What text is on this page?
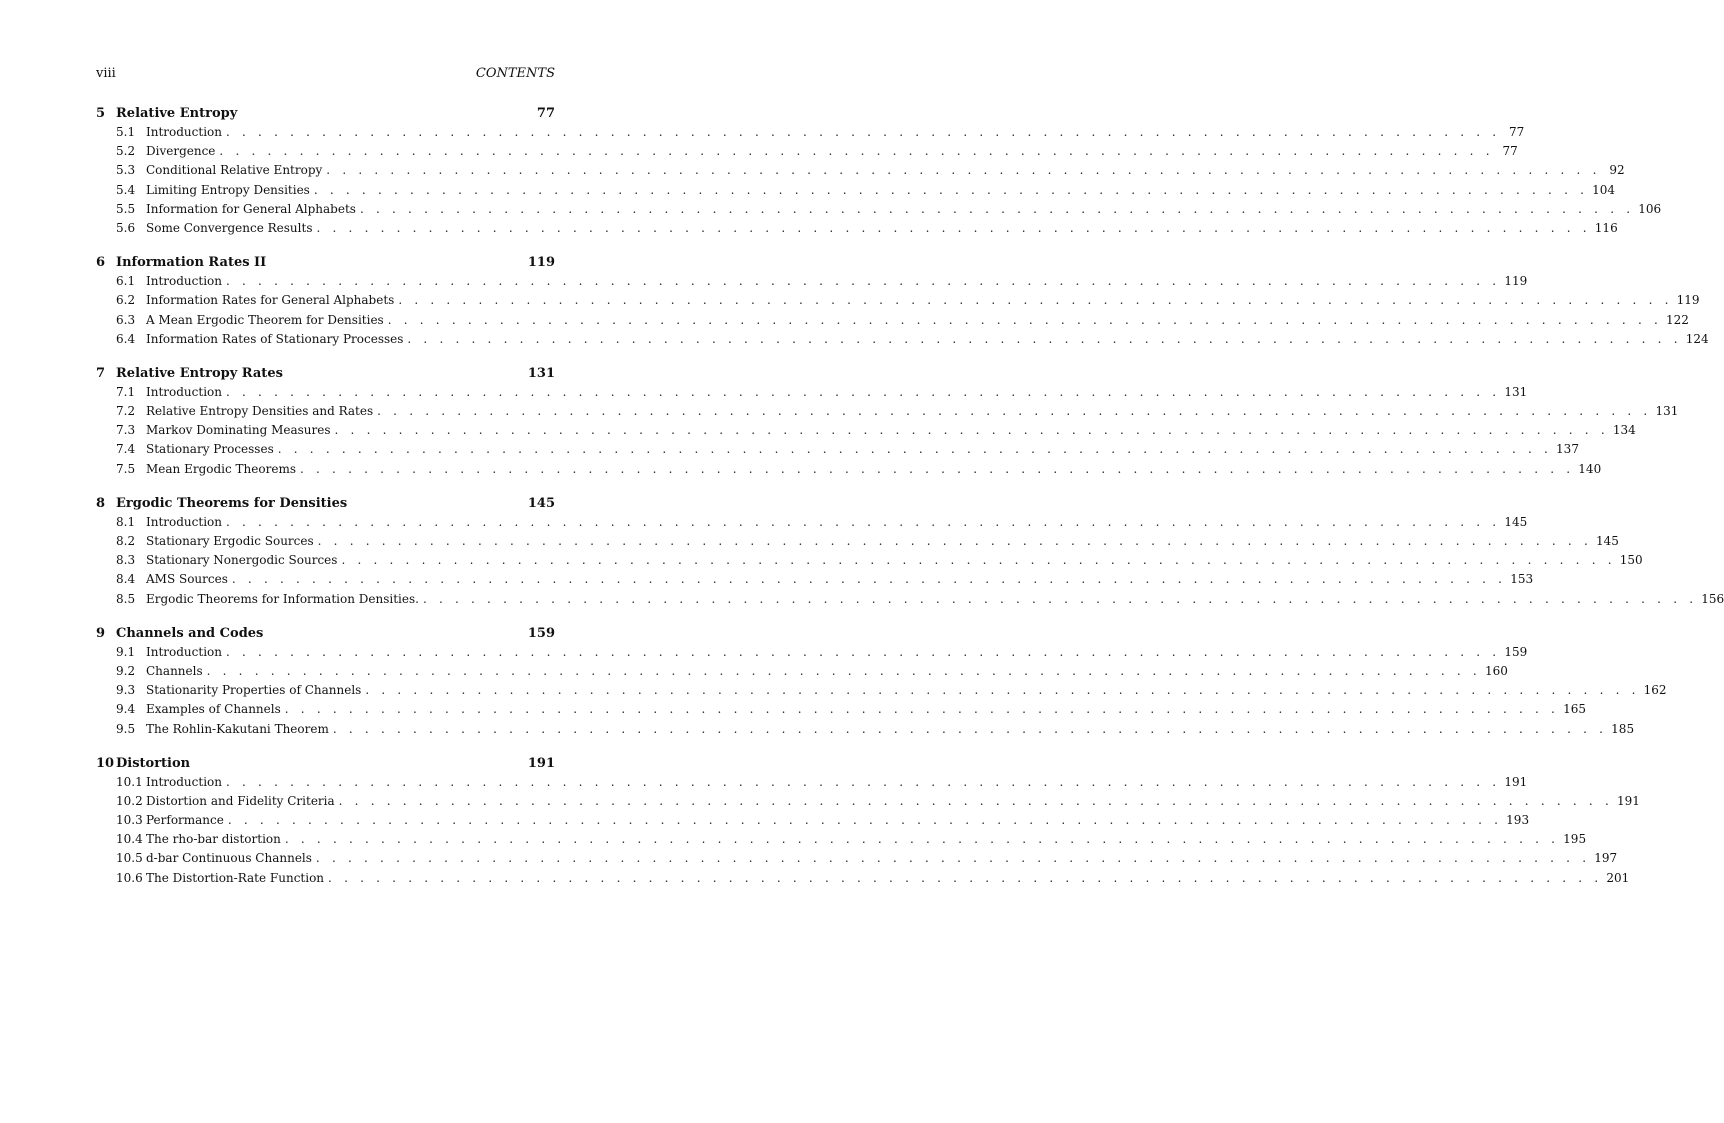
viii	CONTENTS
5 Relative Entropy	77
5.1 Introduction . . . . . . . . . . . . . . . . . . . . . . . . . . . . . . . . . . . . . . . . . . . . . . . . . . . . . . . . . . . . . . . . . . . . . . . . . . . . . . . . 77
5.2 Divergence . . . . . . . . . . . . . . . . . . . . . . . . . . . . . . . . . . . . . . . . . . . . . . . . . . . . . . . . . . . . . . . . . . . . . . . . . . . . . . . . 77
5.3 Conditional Relative Entropy . . . . . . . . . . . . . . . . . . . . . . . . . . . . . . . . . . . . . . . . . . . . . . . . . . . . . . . . . . . . . . . . . . . . . . . . . . . . . . . . 92
5.4 Limiting Entropy Densities . . . . . . . . . . . . . . . . . . . . . . . . . . . . . . . . . . . . . . . . . . . . . . . . . . . . . . . . . . . . . . . . . . . . . . . . . . . . . . . . 104
5.5 Information for General Alphabets . . . . . . . . . . . . . . . . . . . . . . . . . . . . . . . . . . . . . . . . . . . . . . . . . . . . . . . . . . . . . . . . . . . . . . . . . . . . . . . . 106
5.6 Some Convergence Results . . . . . . . . . . . . . . . . . . . . . . . . . . . . . . . . . . . . . . . . . . . . . . . . . . . . . . . . . . . . . . . . . . . . . . . . . . . . . . . . 116
6 Information Rates II	119
6.1 Introduction . . . . . . . . . . . . . . . . . . . . . . . . . . . . . . . . . . . . . . . . . . . . . . . . . . . . . . . . . . . . . . . . . . . . . . . . . . . . . . . . 119
6.2 Information Rates for General Alphabets . . . . . . . . . . . . . . . . . . . . . . . . . . . . . . . . . . . . . . . . . . . . . . . . . . . . . . . . . . . . . . . . . . . . . . . . . . . . . . . . 119
6.3 A Mean Ergodic Theorem for Densities . . . . . . . . . . . . . . . . . . . . . . . . . . . . . . . . . . . . . . . . . . . . . . . . . . . . . . . . . . . . . . . . . . . . . . . . . . . . . . . . 122
6.4 Information Rates of Stationary Processes . . . . . . . . . . . . . . . . . . . . . . . . . . . . . . . . . . . . . . . . . . . . . . . . . . . . . . . . . . . . . . . . . . . . . . . . . . . . . . . . 124
7 Relative Entropy Rates	131
7.1 Introduction . . . . . . . . . . . . . . . . . . . . . . . . . . . . . . . . . . . . . . . . . . . . . . . . . . . . . . . . . . . . . . . . . . . . . . . . . . . . . . . . 131
7.2 Relative Entropy Densities and Rates . . . . . . . . . . . . . . . . . . . . . . . . . . . . . . . . . . . . . . . . . . . . . . . . . . . . . . . . . . . . . . . . . . . . . . . . . . . . . . . . 131
7.3 Markov Dominating Measures . . . . . . . . . . . . . . . . . . . . . . . . . . . . . . . . . . . . . . . . . . . . . . . . . . . . . . . . . . . . . . . . . . . . . . . . . . . . . . . . 134
7.4 Stationary Processes . . . . . . . . . . . . . . . . . . . . . . . . . . . . . . . . . . . . . . . . . . . . . . . . . . . . . . . . . . . . . . . . . . . . . . . . . . . . . . . . 137
7.5 Mean Ergodic Theorems . . . . . . . . . . . . . . . . . . . . . . . . . . . . . . . . . . . . . . . . . . . . . . . . . . . . . . . . . . . . . . . . . . . . . . . . . . . . . . . . 140
8 Ergodic Theorems for Densities	145
8.1 Introduction . . . . . . . . . . . . . . . . . . . . . . . . . . . . . . . . . . . . . . . . . . . . . . . . . . . . . . . . . . . . . . . . . . . . . . . . . . . . . . . . 145
8.2 Stationary Ergodic Sources . . . . . . . . . . . . . . . . . . . . . . . . . . . . . . . . . . . . . . . . . . . . . . . . . . . . . . . . . . . . . . . . . . . . . . . . . . . . . . . . 145
8.3 Stationary Nonergodic Sources . . . . . . . . . . . . . . . . . . . . . . . . . . . . . . . . . . . . . . . . . . . . . . . . . . . . . . . . . . . . . . . . . . . . . . . . . . . . . . . . 150
8.4 AMS Sources . . . . . . . . . . . . . . . . . . . . . . . . . . . . . . . . . . . . . . . . . . . . . . . . . . . . . . . . . . . . . . . . . . . . . . . . . . . . . . . . 153
8.5 Ergodic Theorems for Information Densities. . . . . . . . . . . . . . . . . . . . . . . . . . . . . . . . . . . . . . . . . . . . . . . . . . . . . . . . . . . . . . . . . . . . . . . . . . . . . . . . . 156
9 Channels and Codes	159
9.1 Introduction . . . . . . . . . . . . . . . . . . . . . . . . . . . . . . . . . . . . . . . . . . . . . . . . . . . . . . . . . . . . . . . . . . . . . . . . . . . . . . . . 159
9.2 Channels . . . . . . . . . . . . . . . . . . . . . . . . . . . . . . . . . . . . . . . . . . . . . . . . . . . . . . . . . . . . . . . . . . . . . . . . . . . . . . . . 160
9.3 Stationarity Properties of Channels . . . . . . . . . . . . . . . . . . . . . . . . . . . . . . . . . . . . . . . . . . . . . . . . . . . . . . . . . . . . . . . . . . . . . . . . . . . . . . . . 162
9.4 Examples of Channels . . . . . . . . . . . . . . . . . . . . . . . . . . . . . . . . . . . . . . . . . . . . . . . . . . . . . . . . . . . . . . . . . . . . . . . . . . . . . . . . 165
9.5 The Rohlin-Kakutani Theorem . . . . . . . . . . . . . . . . . . . . . . . . . . . . . . . . . . . . . . . . . . . . . . . . . . . . . . . . . . . . . . . . . . . . . . . . . . . . . . . . 185
10 Distortion	191
10.1 Introduction . . . . . . . . . . . . . . . . . . . . . . . . . . . . . . . . . . . . . . . . . . . . . . . . . . . . . . . . . . . . . . . . . . . . . . . . . . . . . . . . 191
10.2 Distortion and Fidelity Criteria . . . . . . . . . . . . . . . . . . . . . . . . . . . . . . . . . . . . . . . . . . . . . . . . . . . . . . . . . . . . . . . . . . . . . . . . . . . . . . . . 191
10.3 Performance . . . . . . . . . . . . . . . . . . . . . . . . . . . . . . . . . . . . . . . . . . . . . . . . . . . . . . . . . . . . . . . . . . . . . . . . . . . . . . . . 193
10.4 The rho-bar distortion . . . . . . . . . . . . . . . . . . . . . . . . . . . . . . . . . . . . . . . . . . . . . . . . . . . . . . . . . . . . . . . . . . . . . . . . . . . . . . . . 195
10.5 d-bar Continuous Channels . . . . . . . . . . . . . . . . . . . . . . . . . . . . . . . . . . . . . . . . . . . . . . . . . . . . . . . . . . . . . . . . . . . . . . . . . . . . . . . . 197
10.6 The Distortion-Rate Function . . . . . . . . . . . . . . . . . . . . . . . . . . . . . . . . . . . . . . . . . . . . . . . . . . . . . . . . . . . . . . . . . . . . . . . . . . . . . . . . 201
